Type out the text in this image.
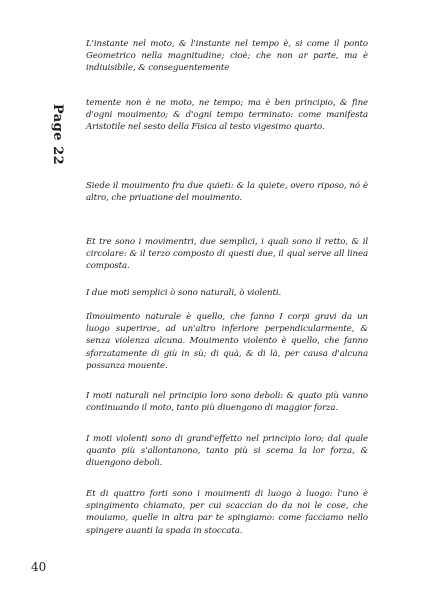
Page 22

L'instante nel moto, & l'instante nel tempo è, si come il ponto Geometrico nella magnitudine; cioè; che non ar parte, ma è indiuisibile, & conseguentemente

temente non è ne moto, ne tempo; ma è ben principio, & fine d'ogni mouimento; & d'ogni tempo terminato: come manifesta Aristotile nel sesto della Fisica al testo vigesimo quarto.

Siede il mouimento fra due quieti: & la quiete, overo riposo, nó è altro, che priuatione del mouimento.

Et tre sono i movimentri, due semplici, i quali sono il retto, & il circolare: & il terzo composto di questi due, il qual serve all linea composta.

I due moti semplici ò sono naturali, ò violenti.

Ilmouimento naturale è quello, che fanno I corpi gravi da un luogo superiroe, ad un'altro inferiore perpendicularmente, & senza violenza alcuna. Mouimento violento è quello, che fanno sforzatamente di giù in sù; di quà, & di là, per causa d'alcuna possanza mouente.

I moti naturali nel principio loro sono deboli: & quato più vanno continuando il moto, tanto più diuengono di maggior forza.

I moti violenti sono di grand'effetto nel principio loro; dal quale quanto più s'allontanono, tanto più si scema la lor forza, & diuengono deboli.

Et di quattro forti sono i mouimenti di luogo à luogo: l'uno è spingimento chiamato, per cui scaccian do da noi le cose, che mouiamo, quelle in altra par te spingiamo: come facciamo nello spingere auanti la spada in stoccata.

40
